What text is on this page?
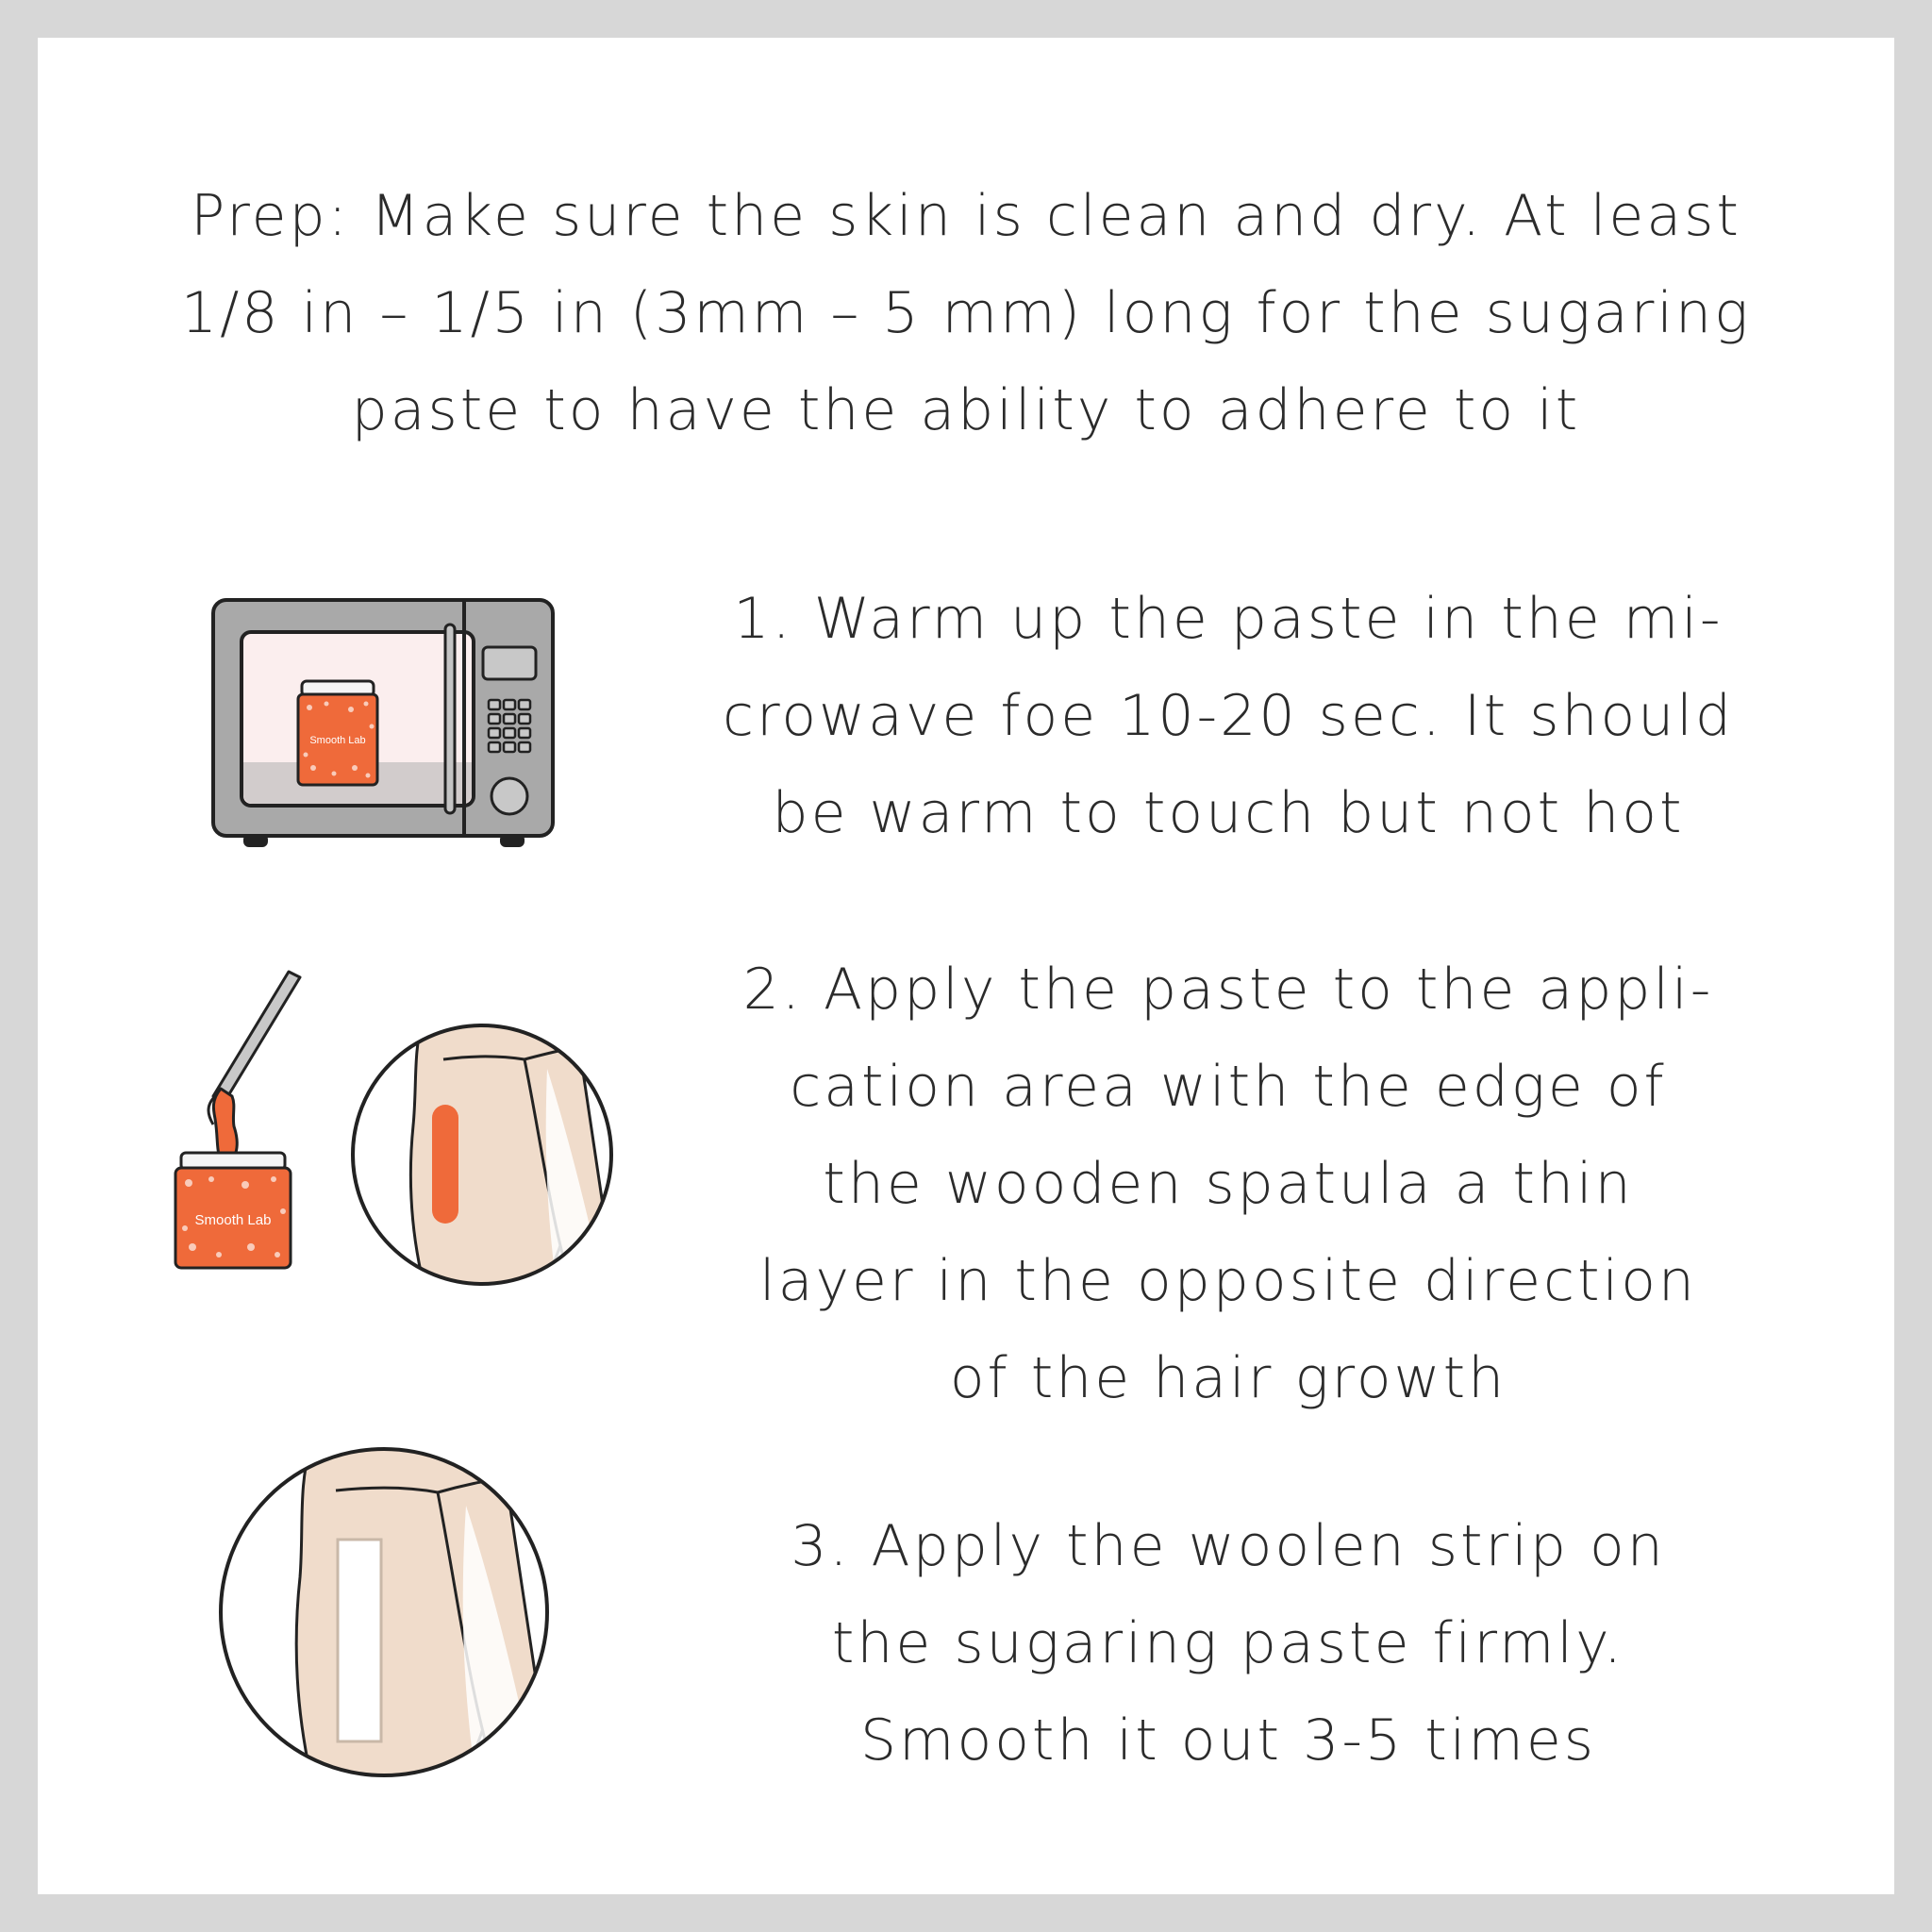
Prep: Make sure the skin is clean and dry. At least
1/8 in – 1/5 in (3mm – 5 mm) long for the sugaring
paste to have the ability to adhere to it
1. Warm up the paste in the mi-
crowave foe 10-20 sec. It should
be warm to touch but not hot
2. Apply the paste to the appli-
cation area with the edge of
the wooden spatula a thin
layer in the opposite direction
of the hair growth
3. Apply the woolen strip on
the sugaring paste firmly.
Smooth it out 3-5 times
Smooth Lab
Smooth Lab
